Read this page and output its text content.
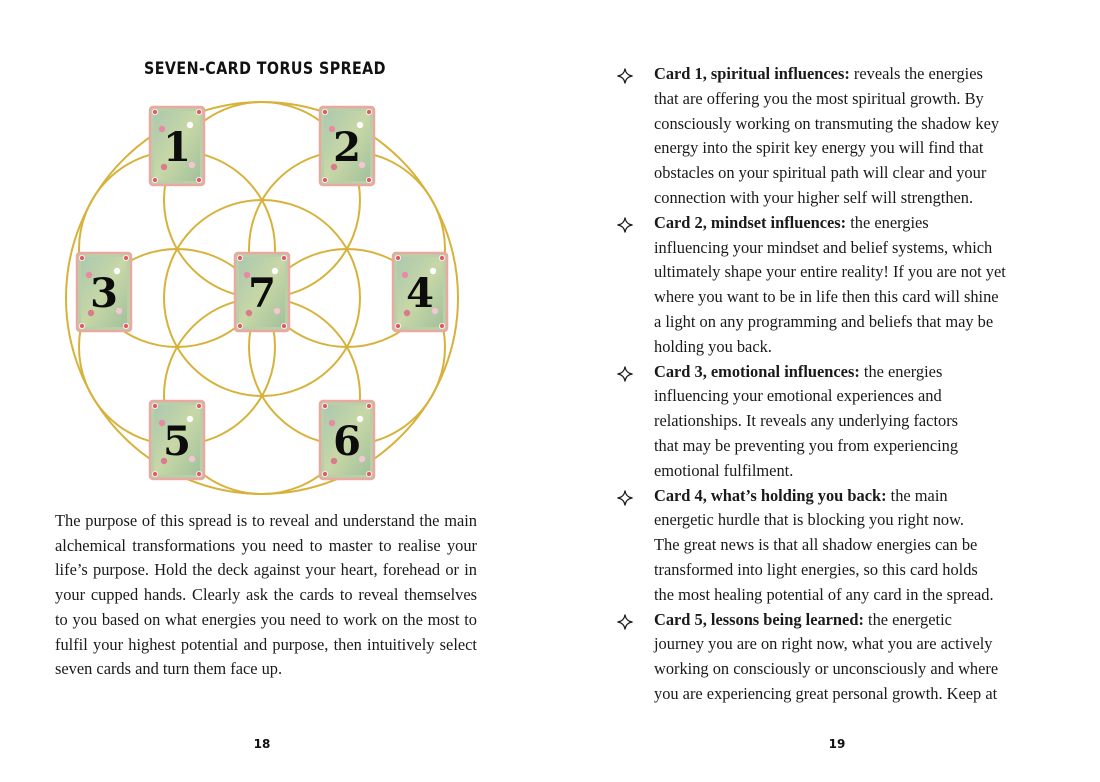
SEVEN-CARD TORUS SPREAD
1	2
3	7	4
5	6

The purpose of this spread is to reveal and understand the main alchemical transformations you need to master to realise your life’s purpose. Hold the deck against your heart, forehead or in your cupped hands. Clearly ask the cards to reveal themselves to you based on what energies you need to work on the most to fulfil your highest potential and purpose, then intuitively select seven cards and turn them face up.

18

Card 1, spiritual influences: reveals the energies
that are offering you the most spiritual growth. By
consciously working on transmuting the shadow key
energy into the spirit key energy you will find that
obstacles on your spiritual path will clear and your
connection with your higher self will strengthen.

Card 2, mindset influences: the energies
influencing your mindset and belief systems, which
ultimately shape your entire reality! If you are not yet
where you want to be in life then this card will shine
a light on any programming and beliefs that may be
holding you back.

Card 3, emotional influences: the energies
influencing your emotional experiences and
relationships. It reveals any underlying factors
that may be preventing you from experiencing
emotional fulfilment.

Card 4, what’s holding you back: the main
energetic hurdle that is blocking you right now.
The great news is that all shadow energies can be
transformed into light energies, so this card holds
the most healing potential of any card in the spread.

Card 5, lessons being learned: the energetic
journey you are on right now, what you are actively
working on consciously or unconsciously and where
you are experiencing great personal growth. Keep at

19
